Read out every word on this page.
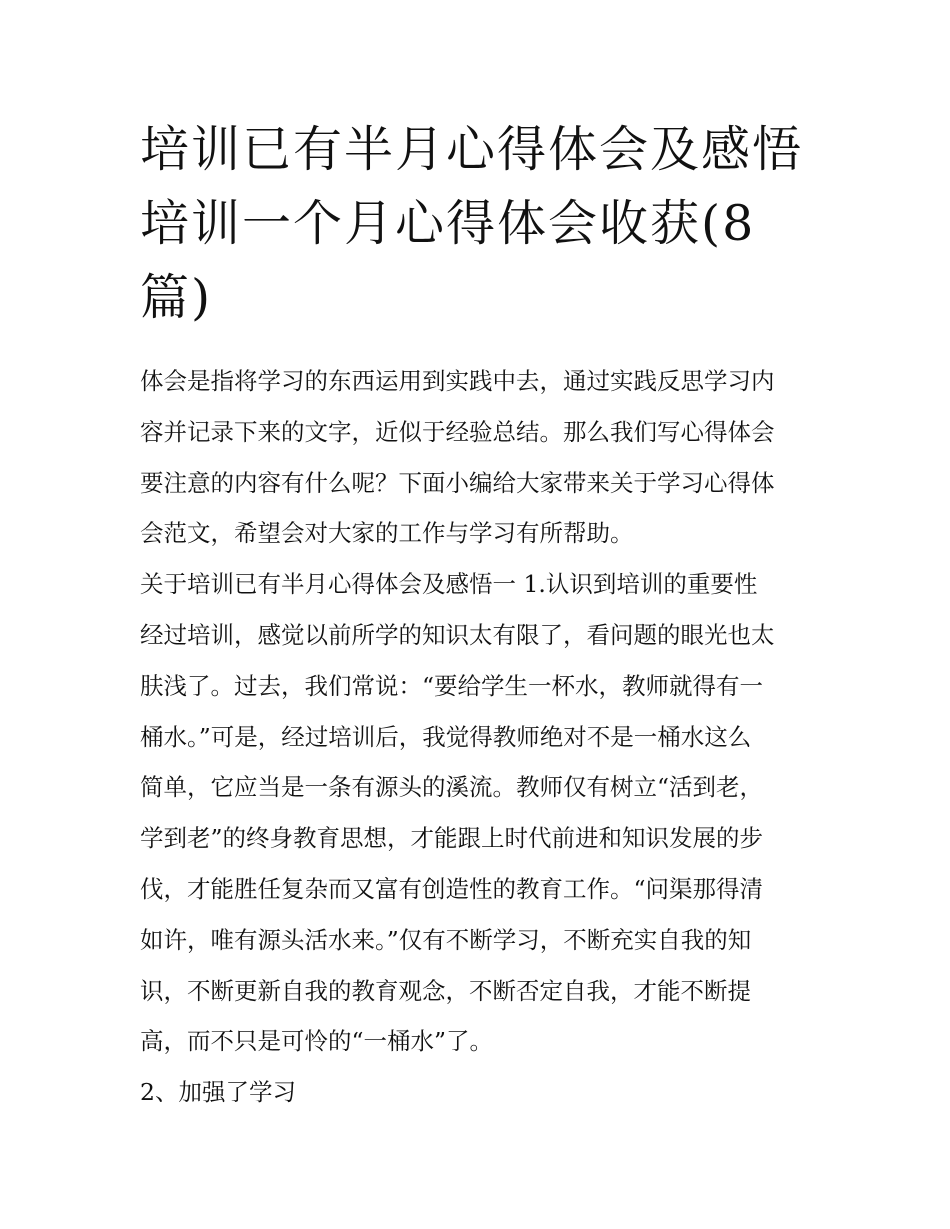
培训已有半月心得体会及感悟
培训一个月心得体会收获(8
篇)
体会是指将学习的东西运用到实践中去，通过实践反思学习内
容并记录下来的文字，近似于经验总结。那么我们写心得体会
要注意的内容有什么呢？下面小编给大家带来关于学习心得体
会范文，希望会对大家的工作与学习有所帮助。
关于培训已有半月心得体会及感悟一 1.认识到培训的重要性
经过培训，感觉以前所学的知识太有限了，看问题的眼光也太
肤浅了。过去，我们常说：“要给学生一杯水，教师就得有一
桶水。”可是，经过培训后，我觉得教师绝对不是一桶水这么
简单，它应当是一条有源头的溪流。教师仅有树立“活到老，
学到老”的终身教育思想，才能跟上时代前进和知识发展的步
伐，才能胜任复杂而又富有创造性的教育工作。“问渠那得清
如许，唯有源头活水来。”仅有不断学习，不断充实自我的知
识，不断更新自我的教育观念，不断否定自我，才能不断提
高，而不只是可怜的“一桶水”了。
2、加强了学习
